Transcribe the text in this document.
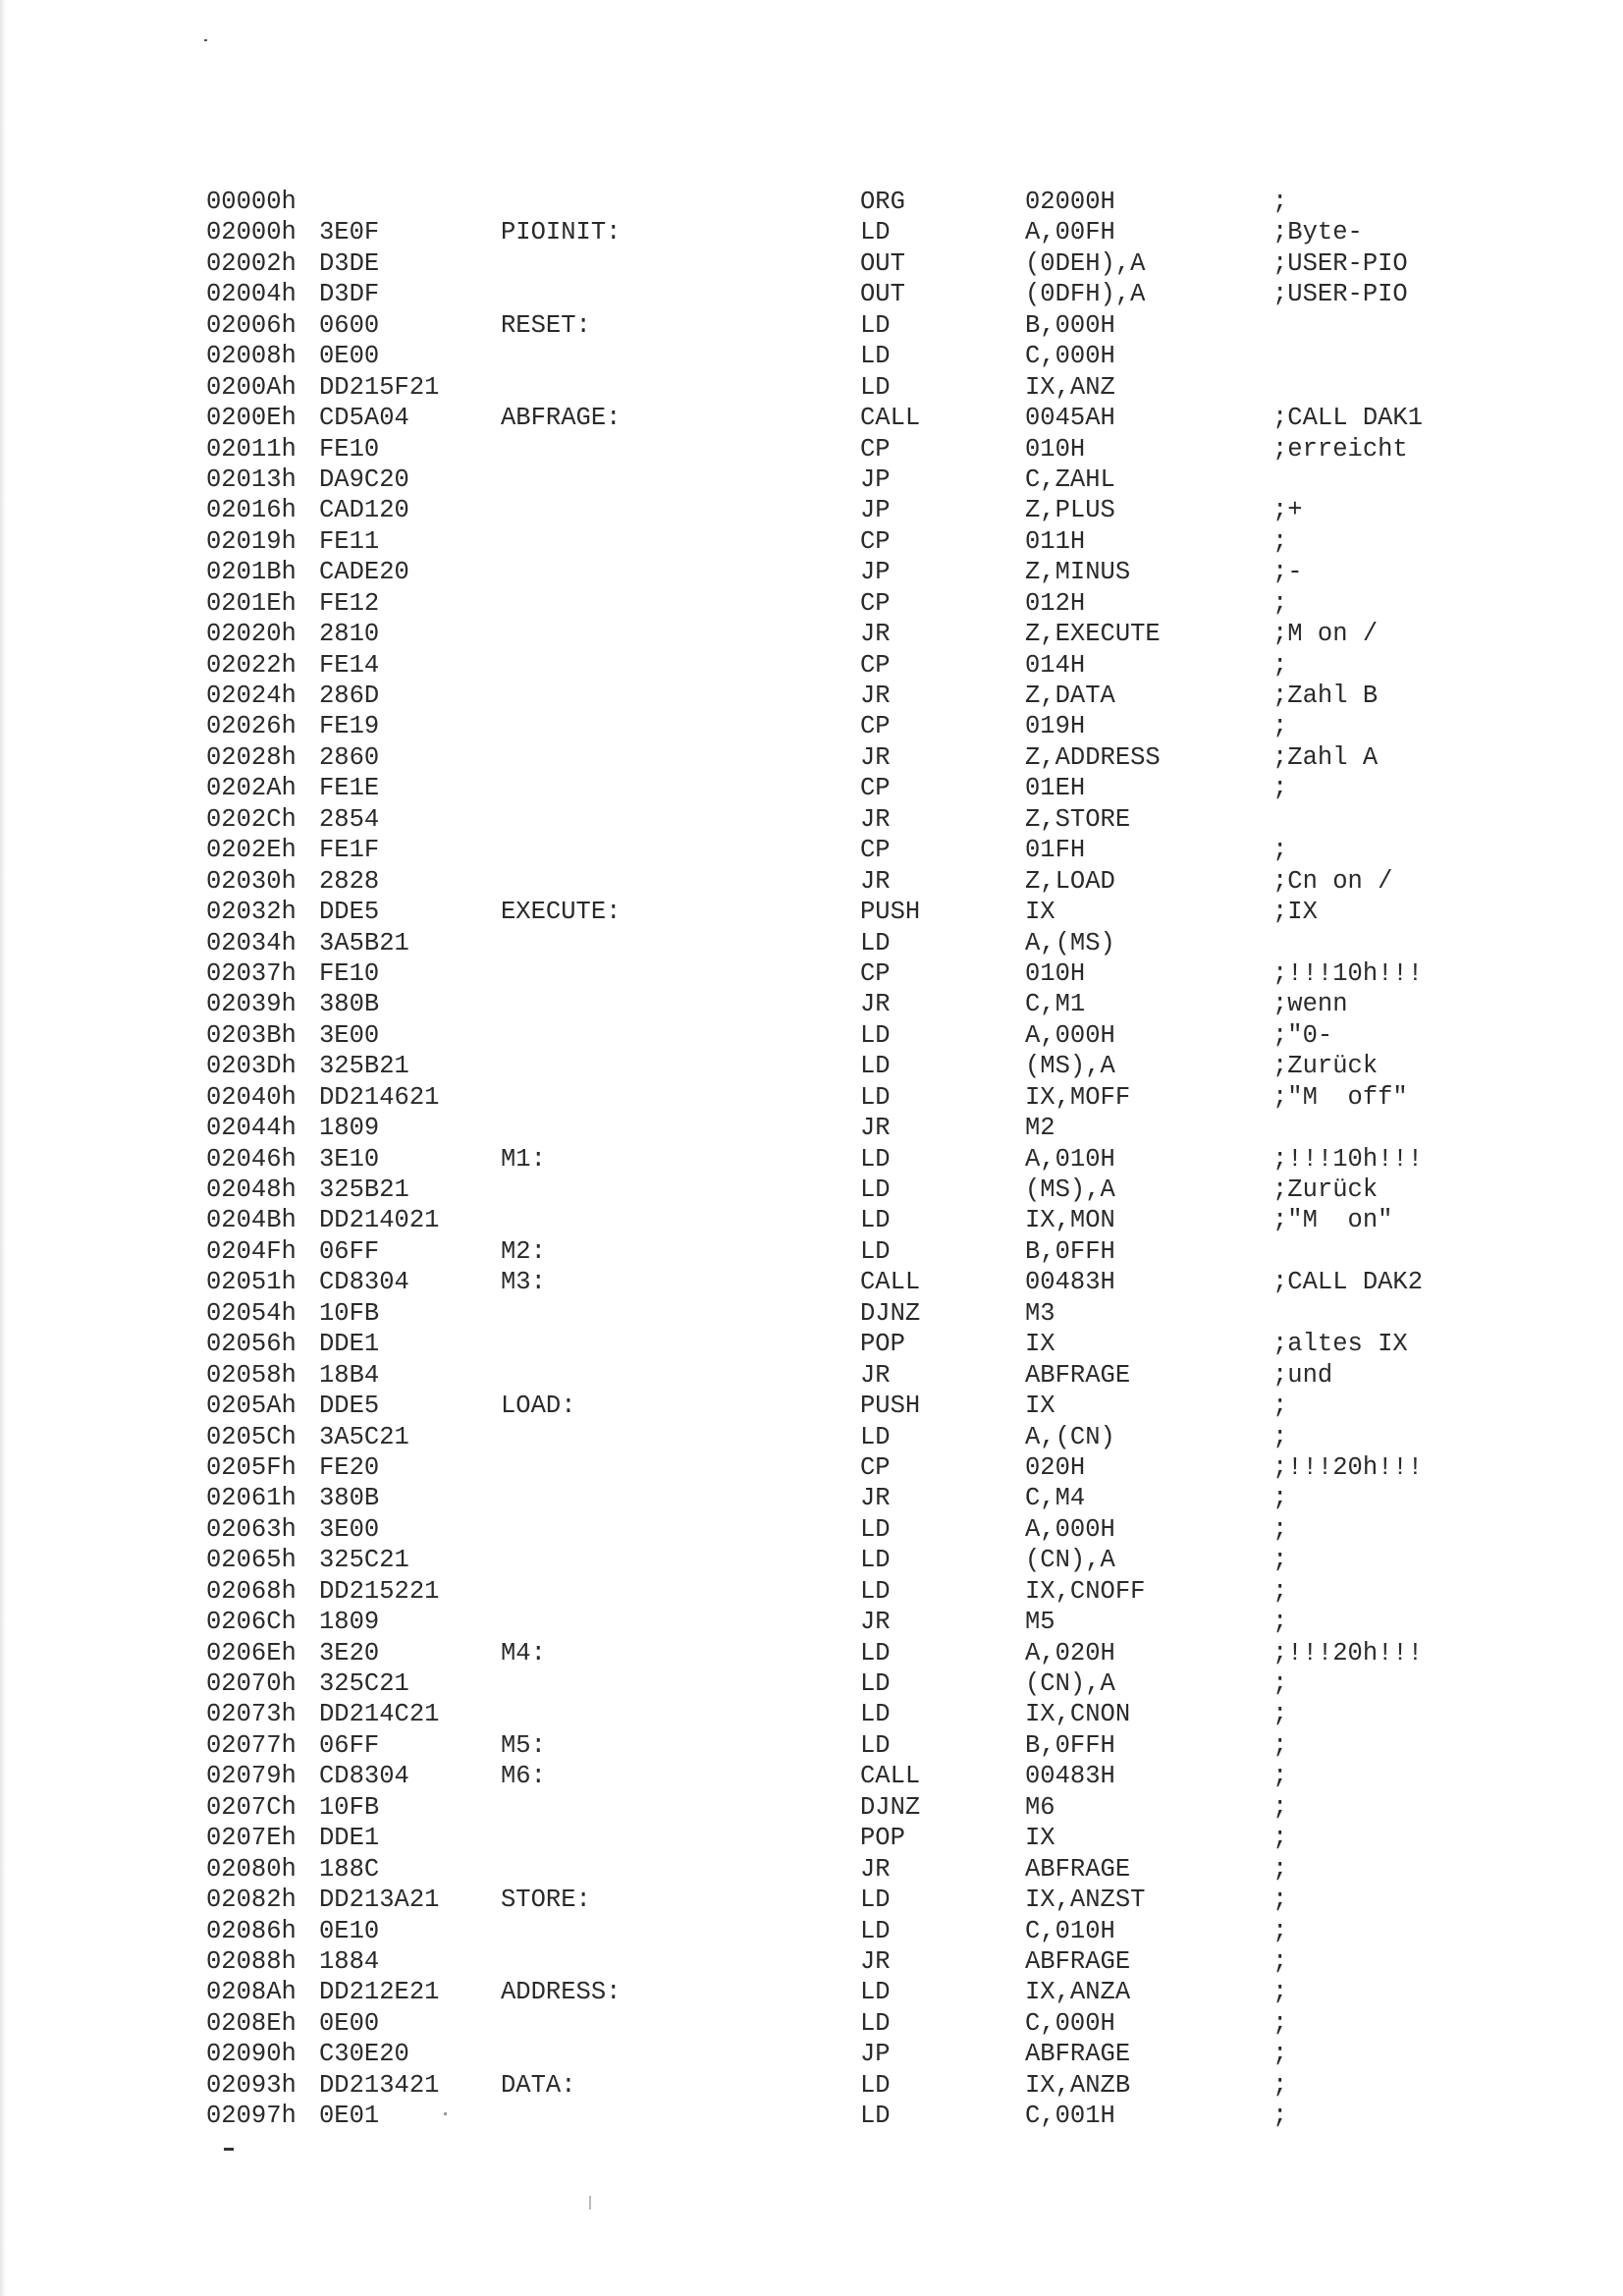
00000h	ORG	02000H	;
02000h 3E0F	PIOINIT:	LD	A,00FH	;Byte-
02002h D3DE	OUT	(0DEH),A	;USER-PIO
02004h D3DF	OUT	(0DFH),A	;USER-PIO
02006h 0600	RESET:	LD	B,000H
02008h 0E00	LD	C,000H
0200Ah DD215F21	LD	IX,ANZ
0200Eh CD5A04	ABFRAGE:	CALL	0045AH	;CALL DAK1
02011h FE10	CP	010H	;erreicht
02013h DA9C20	JP	C,ZAHL
02016h CAD120	JP	Z,PLUS	;+
02019h FE11	CP	011H	;
0201Bh CADE20	JP	Z,MINUS	;-
0201Eh FE12	CP	012H	;
02020h 2810	JR	Z,EXECUTE	;M on /
02022h FE14	CP	014H	;
02024h 286D	JR	Z,DATA	;Zahl B
02026h FE19	CP	019H	;
02028h 2860	JR	Z,ADDRESS	;Zahl A
0202Ah FE1E	CP	01EH	;
0202Ch 2854	JR	Z,STORE
0202Eh FE1F	CP	01FH	;
02030h 2828	JR	Z,LOAD	;Cn on /
02032h DDE5	EXECUTE:	PUSH	IX	;IX
02034h 3A5B21	LD	A,(MS)
02037h FE10	CP	010H	;!!!10h!!!
02039h 380B	JR	C,M1	;wenn
0203Bh 3E00	LD	A,000H	;"0-
0203Dh 325B21	LD	(MS),A	;Zurück
02040h DD214621	LD	IX,MOFF	;"M  off"
02044h 1809	JR	M2
02046h 3E10	M1:	LD	A,010H	;!!!10h!!!
02048h 325B21	LD	(MS),A	;Zurück
0204Bh DD214021	LD	IX,MON	;"M  on"
0204Fh 06FF	M2:	LD	B,0FFH
02051h CD8304	M3:	CALL	00483H	;CALL DAK2
02054h 10FB	DJNZ	M3
02056h DDE1	POP	IX	;altes IX
02058h 18B4	JR	ABFRAGE	;und
0205Ah DDE5	LOAD:	PUSH	IX	;
0205Ch 3A5C21	LD	A,(CN)	;
0205Fh FE20	CP	020H	;!!!20h!!!
02061h 380B	JR	C,M4	;
02063h 3E00	LD	A,000H	;
02065h 325C21	LD	(CN),A	;
02068h DD215221	LD	IX,CNOFF	;
0206Ch 1809	JR	M5	;
0206Eh 3E20	M4:	LD	A,020H	;!!!20h!!!
02070h 325C21	LD	(CN),A	;
02073h DD214C21	LD	IX,CNON	;
02077h 06FF	M5:	LD	B,0FFH	;
02079h CD8304	M6:	CALL	00483H	;
0207Ch 10FB	DJNZ	M6	;
0207Eh DDE1	POP	IX	;
02080h 188C	JR	ABFRAGE	;
02082h DD213A21 STORE:	LD	IX,ANZST	;
02086h 0E10	LD	C,010H	;
02088h 1884	JR	ABFRAGE	;
0208Ah DD212E21 ADDRESS:	LD	IX,ANZA	;
0208Eh 0E00	LD	C,000H	;
02090h C30E20	JP	ABFRAGE	;
02093h DD213421 DATA:	LD	IX,ANZB	;
02097h 0E01	LD	C,001H	;
